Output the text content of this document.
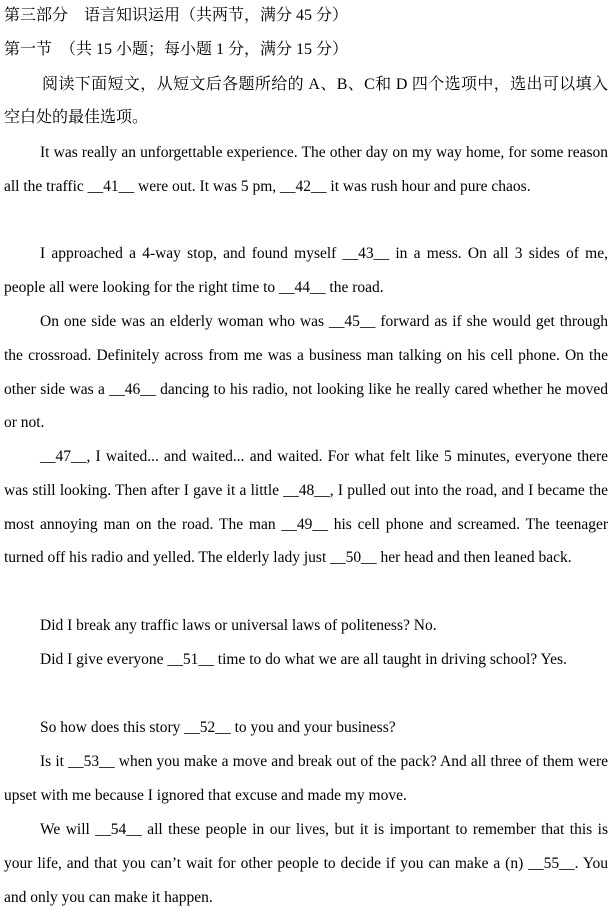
第三部分　语言知识运用（共两节，满分 45 分）
第一节　（共 15 小题；每小题 1 分，满分 15 分）
阅读下面短文，从短文后各题所给的 A、B、C和 D 四个选项中，选出可以填入空白处的最佳选项。
It was really an unforgettable experience. The other day on my way home, for some reason all the traffic __41__ were out. It was 5 pm, __42__ it was rush hour and pure chaos.
I approached a 4-way stop, and found myself __43__ in a mess. On all 3 sides of me, people all were looking for the right time to __44__ the road.
On one side was an elderly woman who was __45__ forward as if she would get through the crossroad. Definitely across from me was a business man talking on his cell phone. On the other side was a __46__ dancing to his radio, not looking like he really cared whether he moved or not.
__47__, I waited... and waited... and waited. For what felt like 5 minutes, everyone there was still looking. Then after I gave it a little __48__, I pulled out into the road, and I became the most annoying man on the road. The man __49__ his cell phone and screamed. The teenager turned off his radio and yelled. The elderly lady just __50__ her head and then leaned back.
Did I break any traffic laws or universal laws of politeness? No.
Did I give everyone __51__ time to do what we are all taught in driving school? Yes.
So how does this story __52__ to you and your business?
Is it __53__ when you make a move and break out of the pack? And all three of them were upset with me because I ignored that excuse and made my move.
We will __54__ all these people in our lives, but it is important to remember that this is your life, and that you can’t wait for other people to decide if you can make a (n) __55__. You and only you can make it happen.
